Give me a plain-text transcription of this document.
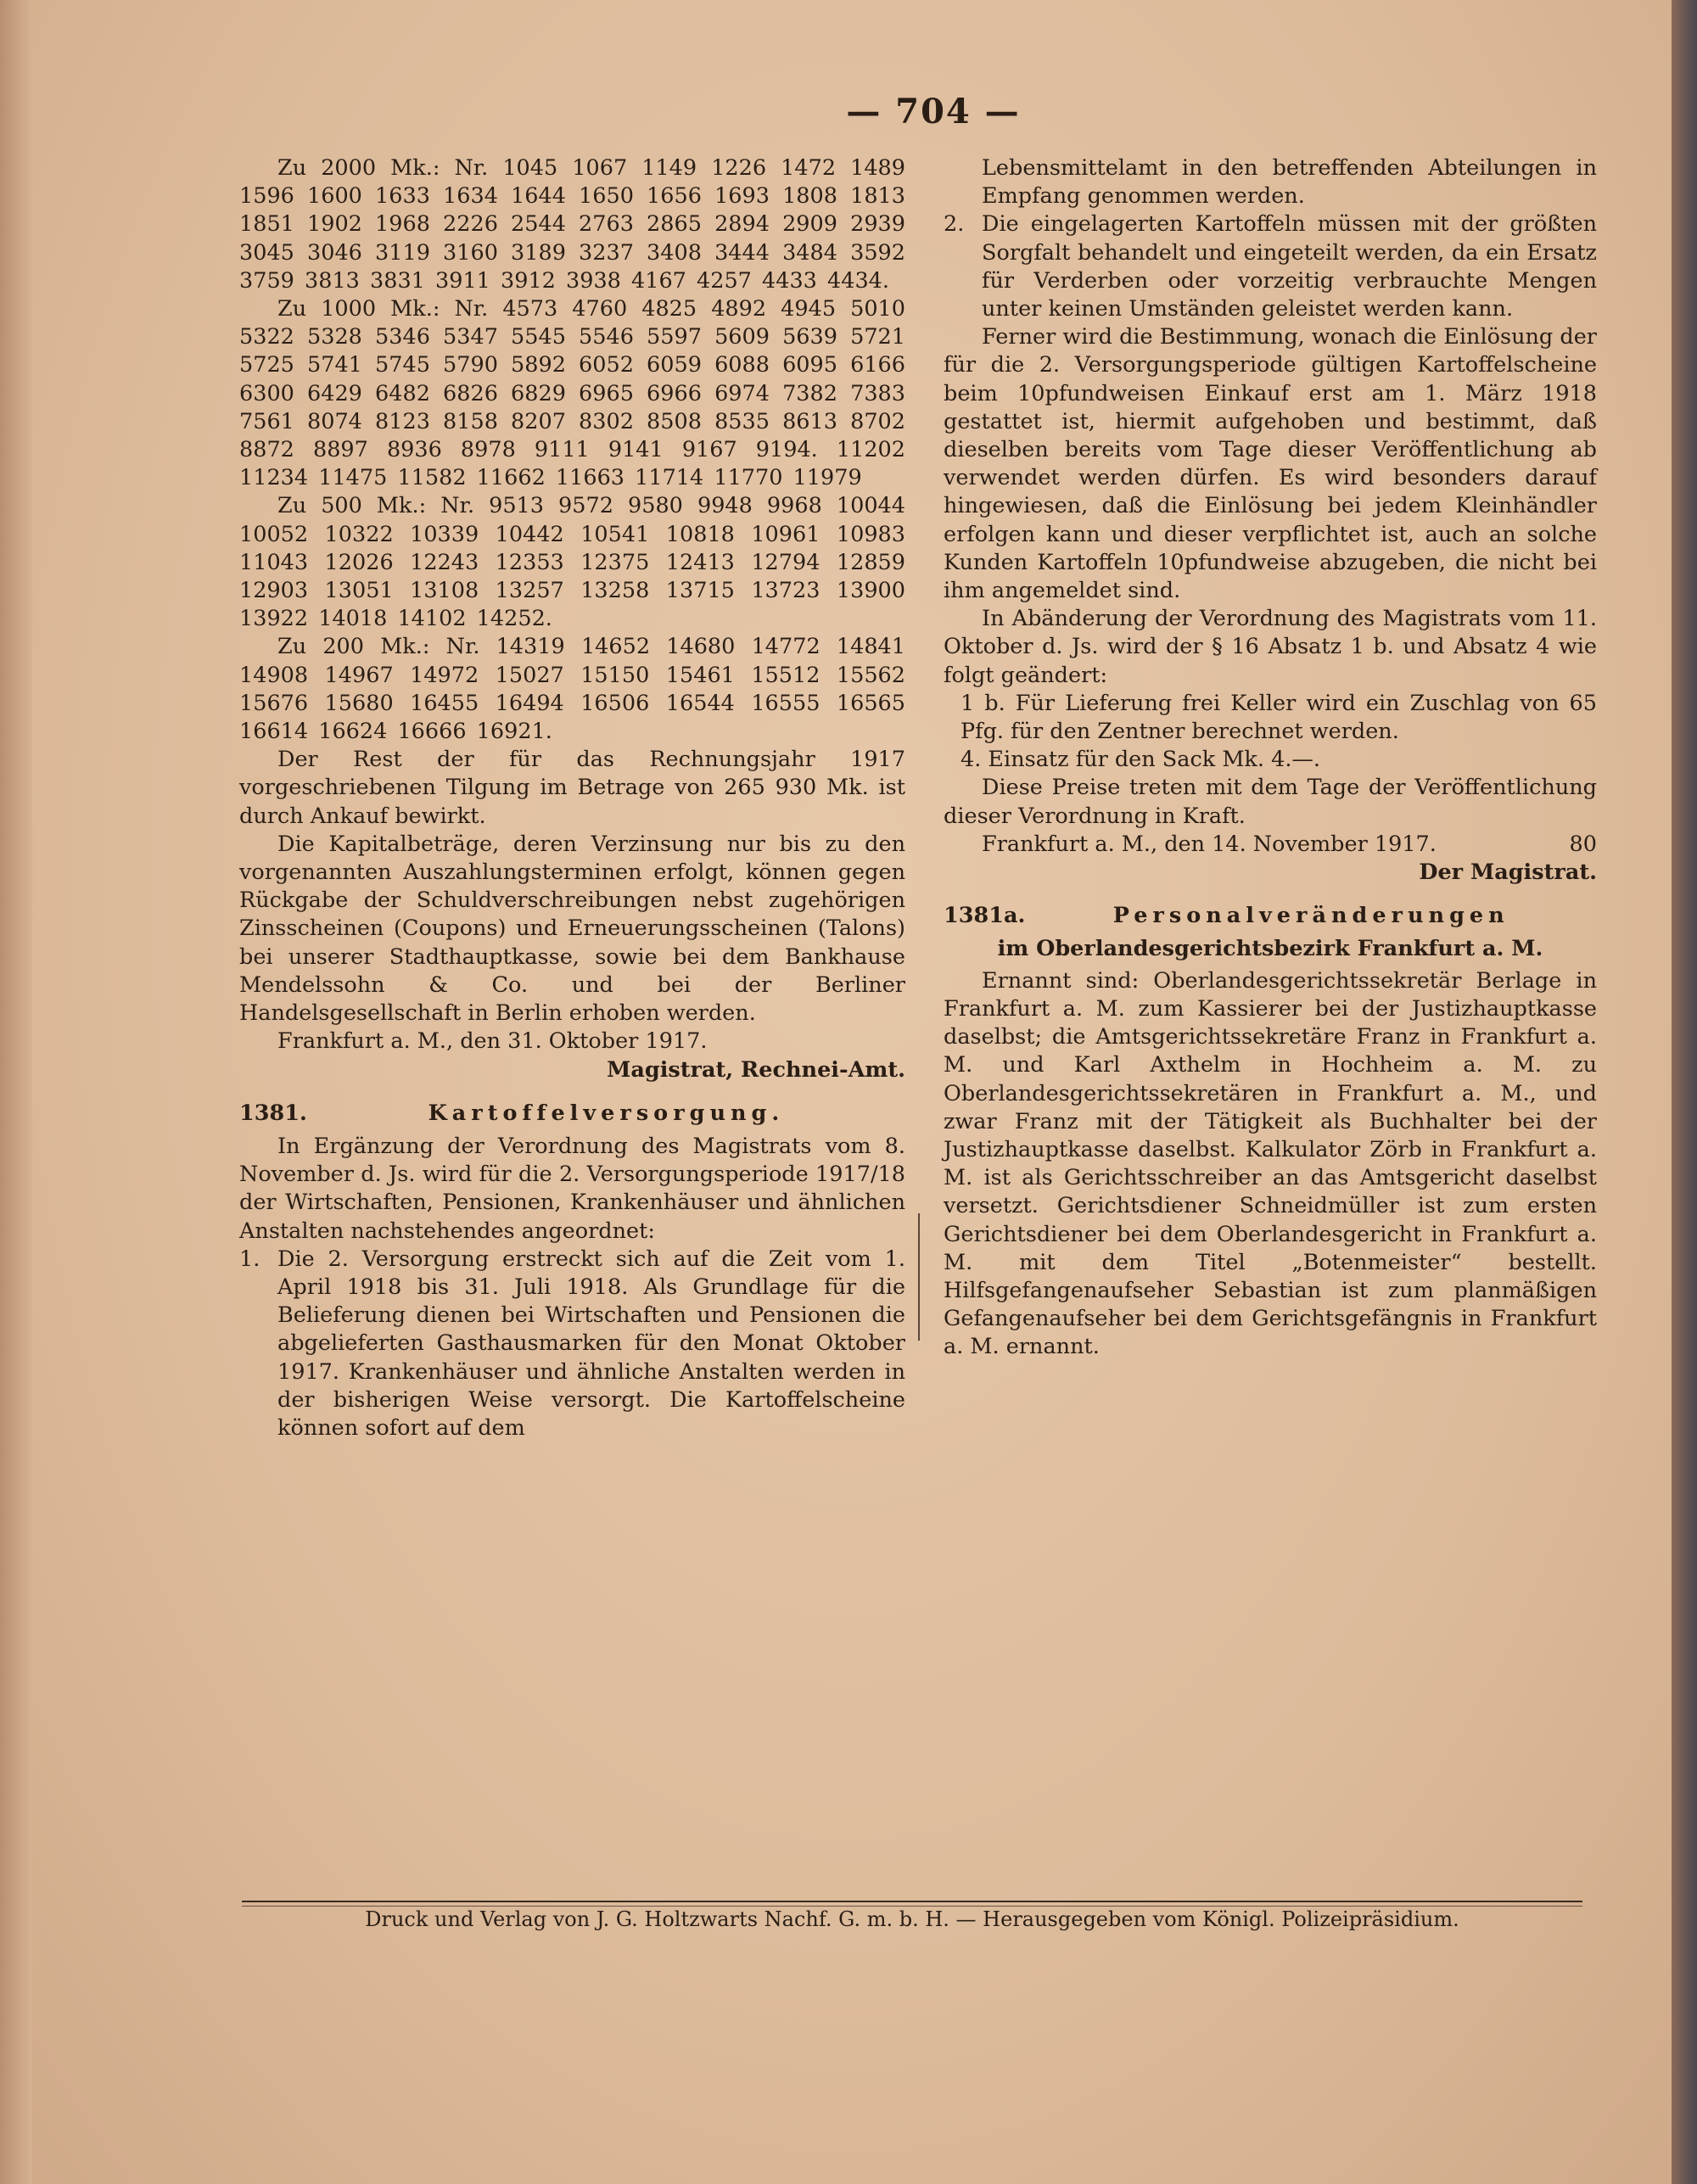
— 704 —

Zu 2000 Mk.: Nr. 1045 1067 1149 1226 1472 1489 1596 1600 1633 1634 1644 1650 1656 1693 1808 1813 1851 1902 1968 2226 2544 2763 2865 2894 2909 2939 3045 3046 3119 3160 3189 3237 3408 3444 3484 3592 3759 3813 3831 3911 3912 3938 4167 4257 4433 4434.

Zu 1000 Mk.: Nr. 4573 4760 4825 4892 4945 5010 5322 5328 5346 5347 5545 5546 5597 5609 5639 5721 5725 5741 5745 5790 5892 6052 6059 6088 6095 6166 6300 6429 6482 6826 6829 6965 6966 6974 7382 7383 7561 8074 8123 8158 8207 8302 8508 8535 8613 8702 8872 8897 8936 8978 9111 9141 9167 9194. 11202 11234 11475 11582 11662 11663 11714 11770 11979

Zu 500 Mk.: Nr. 9513 9572 9580 9948 9968 10044 10052 10322 10339 10442 10541 10818 10961 10983 11043 12026 12243 12353 12375 12413 12794 12859 12903 13051 13108 13257 13258 13715 13723 13900 13922 14018 14102 14252.

Zu 200 Mk.: Nr. 14319 14652 14680 14772 14841 14908 14967 14972 15027 15150 15461 15512 15562 15676 15680 16455 16494 16506 16544 16555 16565 16614 16624 16666 16921.

Der Rest der für das Rechnungsjahr 1917 vorgeschriebenen Tilgung im Betrage von 265 930 Mk. ist durch Ankauf bewirkt.

Die Kapitalbeträge, deren Verzinsung nur bis zu den vorgenannten Auszahlungsterminen erfolgt, können gegen Rückgabe der Schuldverschreibungen nebst zugehörigen Zinsscheinen (Coupons) und Erneuerungsscheinen (Talons) bei unserer Stadthauptkasse, sowie bei dem Bankhause Mendelssohn & Co. und bei der Berliner Handelsgesellschaft in Berlin erhoben werden.

Frankfurt a. M., den 31. Oktober 1917.

Magistrat, Rechnei-Amt.

1381.	Kartoffelversorgung.

In Ergänzung der Verordnung des Magistrats vom 8. November d. Js. wird für die 2. Versorgungsperiode 1917/18 der Wirtschaften, Pensionen, Krankenhäuser und ähnlichen Anstalten nachstehendes angeordnet:

1. Die 2. Versorgung erstreckt sich auf die Zeit vom 1. April 1918 bis 31. Juli 1918. Als Grundlage für die Belieferung dienen bei Wirtschaften und Pensionen die abgelieferten Gasthausmarken für den Monat Oktober 1917. Krankenhäuser und ähnliche Anstalten werden in der bisherigen Weise versorgt. Die Kartoffelscheine können sofort auf dem

Lebensmittelamt in den betreffenden Abteilungen in Empfang genommen werden.

2. Die eingelagerten Kartoffeln müssen mit der größten Sorgfalt behandelt und eingeteilt werden, da ein Ersatz für Verderben oder vorzeitig verbrauchte Mengen unter keinen Umständen geleistet werden kann.

Ferner wird die Bestimmung, wonach die Einlösung der für die 2. Versorgungsperiode gültigen Kartoffelscheine beim 10pfundweisen Einkauf erst am 1. März 1918 gestattet ist, hiermit aufgehoben und bestimmt, daß dieselben bereits vom Tage dieser Veröffentlichung ab verwendet werden dürfen. Es wird besonders darauf hingewiesen, daß die Einlösung bei jedem Kleinhändler erfolgen kann und dieser verpflichtet ist, auch an solche Kunden Kartoffeln 10pfundweise abzugeben, die nicht bei ihm angemeldet sind.

In Abänderung der Verordnung des Magistrats vom 11. Oktober d. Js. wird der § 16 Absatz 1 b. und Absatz 4 wie folgt geändert:

1 b. Für Lieferung frei Keller wird ein Zuschlag von 65 Pfg. für den Zentner berechnet werden.

4. Einsatz für den Sack Mk. 4.—.

Diese Preise treten mit dem Tage der Veröffentlichung dieser Verordnung in Kraft.

Frankfurt a. M., den 14. November 1917.	80

Der Magistrat.

1381a.	Personalveränderungen

im Oberlandesgerichtsbezirk Frankfurt a. M.

Ernannt sind: Oberlandesgerichtssekretär Berlage in Frankfurt a. M. zum Kassierer bei der Justizhauptkasse daselbst; die Amtsgerichtssekretäre Franz in Frankfurt a. M. und Karl Axthelm in Hochheim a. M. zu Oberlandesgerichtssekretären in Frankfurt a. M., und zwar Franz mit der Tätigkeit als Buchhalter bei der Justizhauptkasse daselbst. Kalkulator Zörb in Frankfurt a. M. ist als Gerichtsschreiber an das Amtsgericht daselbst versetzt. Gerichtsdiener Schneidmüller ist zum ersten Gerichtsdiener bei dem Oberlandesgericht in Frankfurt a. M. mit dem Titel „Botenmeister“ bestellt. Hilfsgefangenaufseher Sebastian ist zum planmäßigen Gefangenaufseher bei dem Gerichtsgefängnis in Frankfurt a. M. ernannt.

Druck und Verlag von J. G. Holtzwarts Nachf. G. m. b. H. — Herausgegeben vom Königl. Polizeipräsidium.
